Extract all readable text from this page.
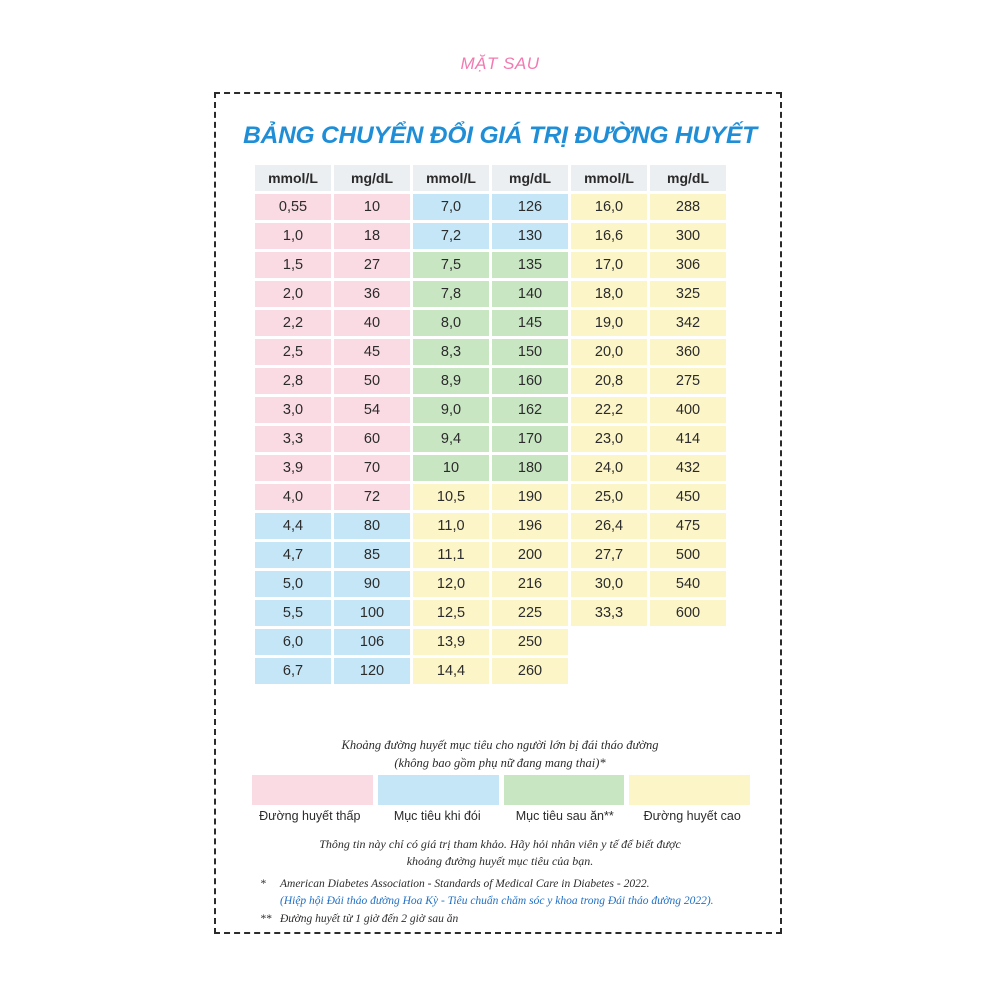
MẶT SAU
BẢNG CHUYỂN ĐỔI GIÁ TRỊ ĐƯỜNG HUYẾT
mmol/L	mg/dL	mmol/L	mg/dL	mmol/L	mg/dL
0,55	10	7,0	126	16,0	288
1,0	18	7,2	130	16,6	300
1,5	27	7,5	135	17,0	306
2,0	36	7,8	140	18,0	325
2,2	40	8,0	145	19,0	342
2,5	45	8,3	150	20,0	360
2,8	50	8,9	160	20,8	275
3,0	54	9,0	162	22,2	400
3,3	60	9,4	170	23,0	414
3,9	70	10	180	24,0	432
4,0	72	10,5	190	25,0	450
4,4	80	11,0	196	26,4	475
4,7	85	11,1	200	27,7	500
5,0	90	12,0	216	30,0	540
5,5	100	12,5	225	33,3	600
6,0	106	13,9	250		
6,7	120	14,4	260		
Khoảng đường huyết mục tiêu cho người lớn bị đái tháo đường
(không bao gồm phụ nữ đang mang thai)*
Đường huyết thấp	Mục tiêu khi đói	Mục tiêu sau ăn**	Đường huyết cao
Thông tin này chỉ có giá trị tham khảo. Hãy hỏi nhân viên y tế để biết được
khoảng đường huyết mục tiêu của bạn.
*	American Diabetes Association - Standards of Medical Care in Diabetes - 2022.
(Hiệp hội Đái tháo đường Hoa Kỳ - Tiêu chuẩn chăm sóc y khoa trong Đái tháo đường 2022).
** Đường huyết từ 1 giờ đến 2 giờ sau ăn
